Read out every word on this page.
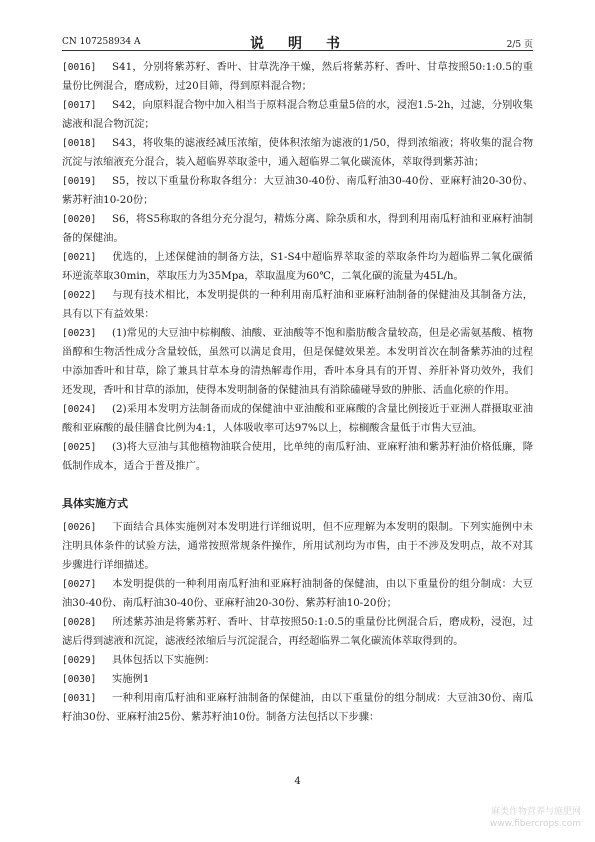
CN 107258934 A	说　明　书	2/5 页

[0016] S41，分别将紫苏籽、香叶、甘草洗净干燥，然后将紫苏籽、香叶、甘草按照50:1:0.5的重量份比例混合，磨成粉，过20目筛，得到原料混合物；

[0017] S42，向原料混合物中加入相当于原料混合物总重量5倍的水，浸泡1.5-2h，过滤，分别收集滤液和混合物沉淀；

[0018] S43，将收集的滤液经减压浓缩，使体积浓缩为滤液的1/50，得到浓缩液；将收集的混合物沉淀与浓缩液充分混合，装入超临界萃取釜中，通入超临界二氧化碳流体，萃取得到紫苏油；

[0019] S5，按以下重量份称取各组分：大豆油30-40份、南瓜籽油30-40份、亚麻籽油20-30份、紫苏籽油10-20份；

[0020] S6，将S5称取的各组分充分混匀，精炼分离、除杂质和水，得到利用南瓜籽油和亚麻籽油制备的保健油。

[0021] 优选的，上述保健油的制备方法，S1-S4中超临界萃取釜的萃取条件均为超临界二氧化碳循环逆流萃取30min，萃取压力为35Mpa，萃取温度为60℃，二氧化碳的流量为45L/h。

[0022] 与现有技术相比，本发明提供的一种利用南瓜籽油和亚麻籽油制备的保健油及其制备方法，具有以下有益效果：

[0023] (1)常见的大豆油中棕榈酸、油酸、亚油酸等不饱和脂肪酸含量较高，但是必需氨基酸、植物甾醇和生物活性成分含量较低，虽然可以满足食用，但是保健效果差。本发明首次在制备紫苏油的过程中添加香叶和甘草，除了兼具甘草本身的清热解毒作用，香叶本身具有的开胃、养肝补肾功效外，我们还发现，香叶和甘草的添加，使得本发明制备的保健油具有消除磕碰导致的肿胀、活血化瘀的作用。

[0024] (2)采用本发明方法制备而成的保健油中亚油酸和亚麻酸的含量比例接近于亚洲人群摄取亚油酸和亚麻酸的最佳膳食比例为4:1，人体吸收率可达97%以上，棕榈酸含量低于市售大豆油。

[0025] (3)将大豆油与其他植物油联合使用，比单纯的南瓜籽油、亚麻籽油和紫苏籽油价格低廉，降低制作成本，适合于普及推广。

具体实施方式

[0026] 下面结合具体实施例对本发明进行详细说明，但不应理解为本发明的限制。下列实施例中未注明具体条件的试验方法，通常按照常规条件操作，所用试剂均为市售，由于不涉及发明点，故不对其步骤进行详细描述。

[0027] 本发明提供的一种利用南瓜籽油和亚麻籽油制备的保健油，由以下重量份的组分制成：大豆油30-40份、南瓜籽油30-40份、亚麻籽油20-30份、紫苏籽油10-20份；

[0028] 所述紫苏油是将紫苏籽、香叶、甘草按照50:1:0.5的重量份比例混合后，磨成粉，浸泡，过滤后得到滤液和沉淀，滤液经浓缩后与沉淀混合，再经超临界二氧化碳流体萃取得到的。

[0029] 具体包括以下实施例：

[0030] 实施例1

[0031] 一种利用南瓜籽油和亚麻籽油制备的保健油，由以下重量份的组分制成：大豆油30份、南瓜籽油30份、亚麻籽油25份、紫苏籽油10份。制备方法包括以下步骤：

4
麻类作物营养与施肥网
www.fibercrops.com
